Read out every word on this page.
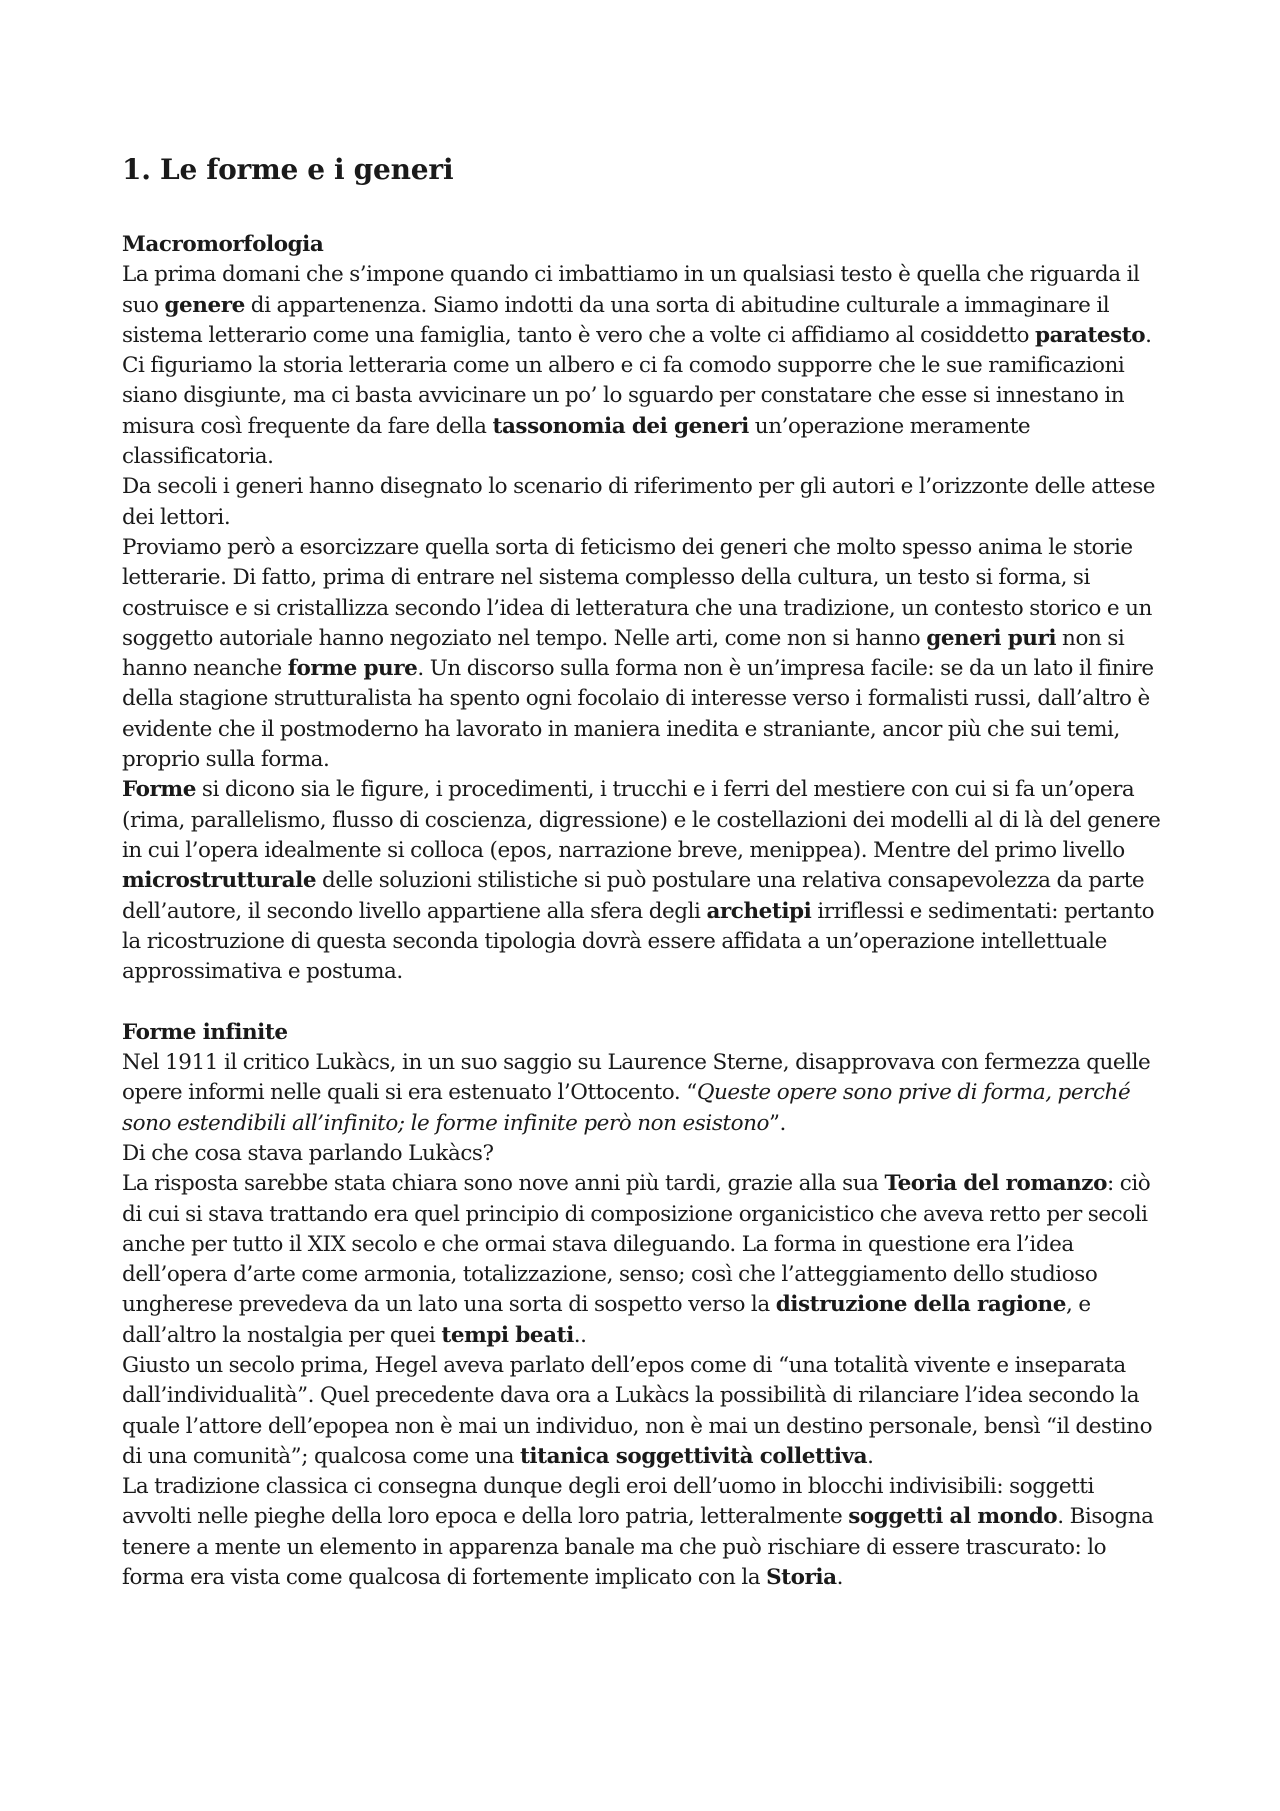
1. Le forme e i generi
Macromorfologia

La prima domani che s’impone quando ci imbattiamo in un qualsiasi testo è quella che riguarda il suo genere di appartenenza. Siamo indotti da una sorta di abitudine culturale a immaginare il sistema letterario come una famiglia, tanto è vero che a volte ci affidiamo al cosiddetto paratesto. Ci figuriamo la storia letteraria come un albero e ci fa comodo supporre che le sue ramificazioni siano disgiunte, ma ci basta avvicinare un po’ lo sguardo per constatare che esse si innestano in misura così frequente da fare della tassonomia dei generi un’operazione meramente classificatoria.

Da secoli i generi hanno disegnato lo scenario di riferimento per gli autori e l’orizzonte delle attese dei lettori.

Proviamo però a esorcizzare quella sorta di feticismo dei generi che molto spesso anima le storie letterarie. Di fatto, prima di entrare nel sistema complesso della cultura, un testo si forma, si costruisce e si cristallizza secondo l’idea di letteratura che una tradizione, un contesto storico e un soggetto autoriale hanno negoziato nel tempo. Nelle arti, come non si hanno generi puri non si hanno neanche forme pure. Un discorso sulla forma non è un’impresa facile: se da un lato il finire della stagione strutturalista ha spento ogni focolaio di interesse verso i formalisti russi, dall’altro è evidente che il postmoderno ha lavorato in maniera inedita e straniante, ancor più che sui temi, proprio sulla forma.

Forme si dicono sia le figure, i procedimenti, i trucchi e i ferri del mestiere con cui si fa un’opera (rima, parallelismo, flusso di coscienza, digressione) e le costellazioni dei modelli al di là del genere in cui l’opera idealmente si colloca (epos, narrazione breve, menippea). Mentre del primo livello microstrutturale delle soluzioni stilistiche si può postulare una relativa consapevolezza da parte dell’autore, il secondo livello appartiene alla sfera degli archetipi irriflessi e sedimentati: pertanto la ricostruzione di questa seconda tipologia dovrà essere affidata a un’operazione intellettuale approssimativa e postuma.

Forme infinite

Nel 1911 il critico Lukàcs, in un suo saggio su Laurence Sterne, disapprovava con fermezza quelle opere informi nelle quali si era estenuato l’Ottocento. “Queste opere sono prive di forma, perché sono estendibili all’infinito; le forme infinite però non esistono”.

Di che cosa stava parlando Lukàcs?

La risposta sarebbe stata chiara sono nove anni più tardi, grazie alla sua Teoria del romanzo: ciò di cui si stava trattando era quel principio di composizione organicistico che aveva retto per secoli anche per tutto il XIX secolo e che ormai stava dileguando. La forma in questione era l’idea dell’opera d’arte come armonia, totalizzazione, senso; così che l’atteggiamento dello studioso ungherese prevedeva da un lato una sorta di sospetto verso la distruzione della ragione, e dall’altro la nostalgia per quei tempi beati..

Giusto un secolo prima, Hegel aveva parlato dell’epos come di “una totalità vivente e inseparata dall’individualità”. Quel precedente dava ora a Lukàcs la possibilità di rilanciare l’idea secondo la quale l’attore dell’epopea non è mai un individuo, non è mai un destino personale, bensì “il destino di una comunità”; qualcosa come una titanica soggettività collettiva.

La tradizione classica ci consegna dunque degli eroi dell’uomo in blocchi indivisibili: soggetti avvolti nelle pieghe della loro epoca e della loro patria, letteralmente soggetti al mondo. Bisogna tenere a mente un elemento in apparenza banale ma che può rischiare di essere trascurato: lo forma era vista come qualcosa di fortemente implicato con la Storia.
